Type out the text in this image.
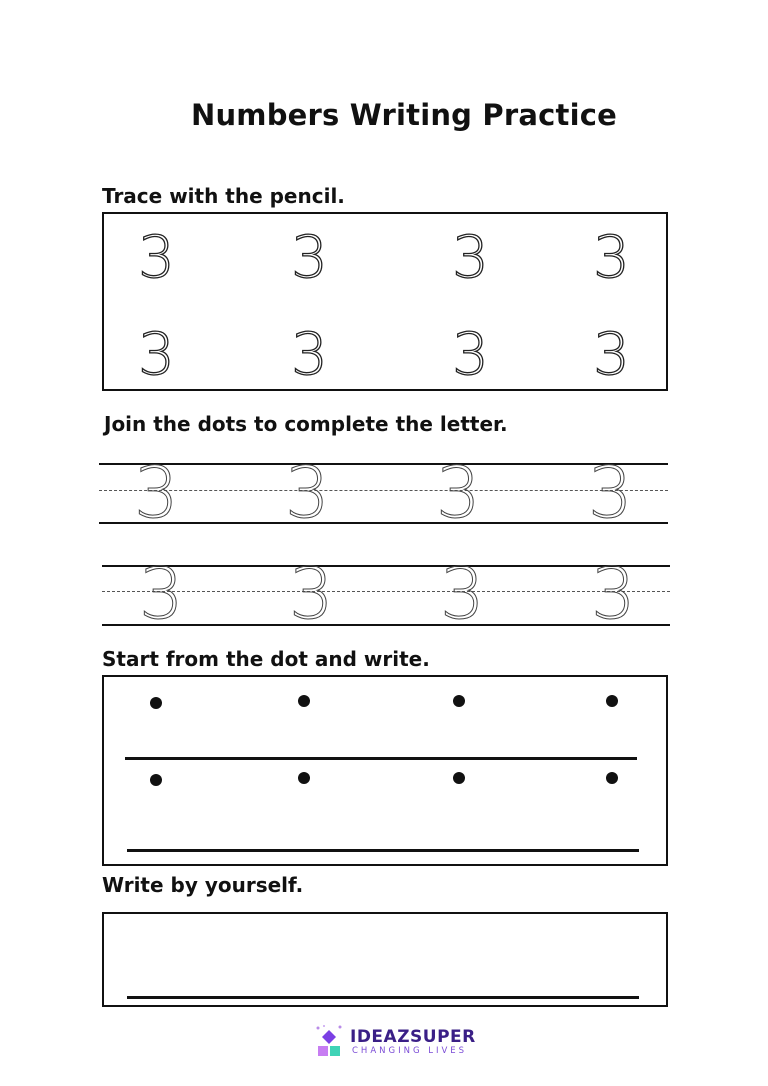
Numbers Writing Practice
Trace with the pencil.
3 3 3 3
3 3 3 3
Join the dots to complete the letter.
3 3 3 3
3 3 3 3
Start from the dot and write.
Write by yourself.
IDEAZSUPER
CHANGING LIVES
